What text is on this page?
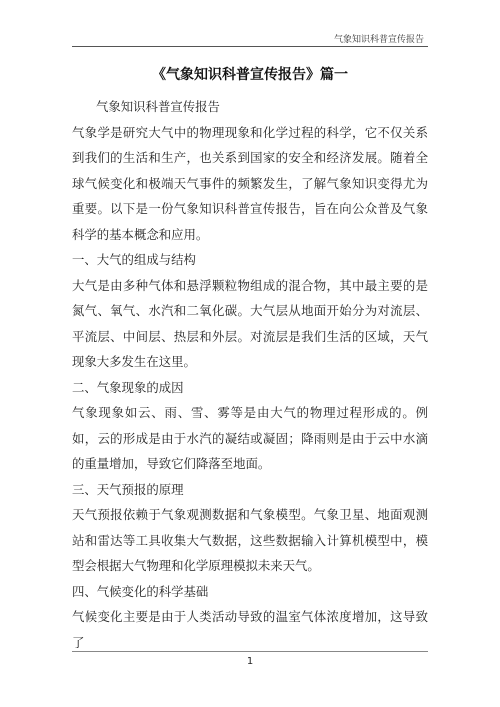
气象知识科普宣传报告
《气象知识科普宣传报告》篇一

气象知识科普宣传报告

气象学是研究大气中的物理现象和化学过程的科学，它不仅关系到我们的生活和生产，也关系到国家的安全和经济发展。随着全球气候变化和极端天气事件的频繁发生，了解气象知识变得尤为重要。以下是一份气象知识科普宣传报告，旨在向公众普及气象科学的基本概念和应用。

一、大气的组成与结构

大气是由多种气体和悬浮颗粒物组成的混合物，其中最主要的是氮气、氧气、水汽和二氧化碳。大气层从地面开始分为对流层、平流层、中间层、热层和外层。对流层是我们生活的区域，天气现象大多发生在这里。

二、气象现象的成因

气象现象如云、雨、雪、雾等是由大气的物理过程形成的。例如，云的形成是由于水汽的凝结或凝固；降雨则是由于云中水滴的重量增加，导致它们降落至地面。

三、天气预报的原理

天气预报依赖于气象观测数据和气象模型。气象卫星、地面观测站和雷达等工具收集大气数据，这些数据输入计算机模型中，模型会根据大气物理和化学原理模拟未来天气。

四、气候变化的科学基础

气候变化主要是由于人类活动导致的温室气体浓度增加，这导致了

1
